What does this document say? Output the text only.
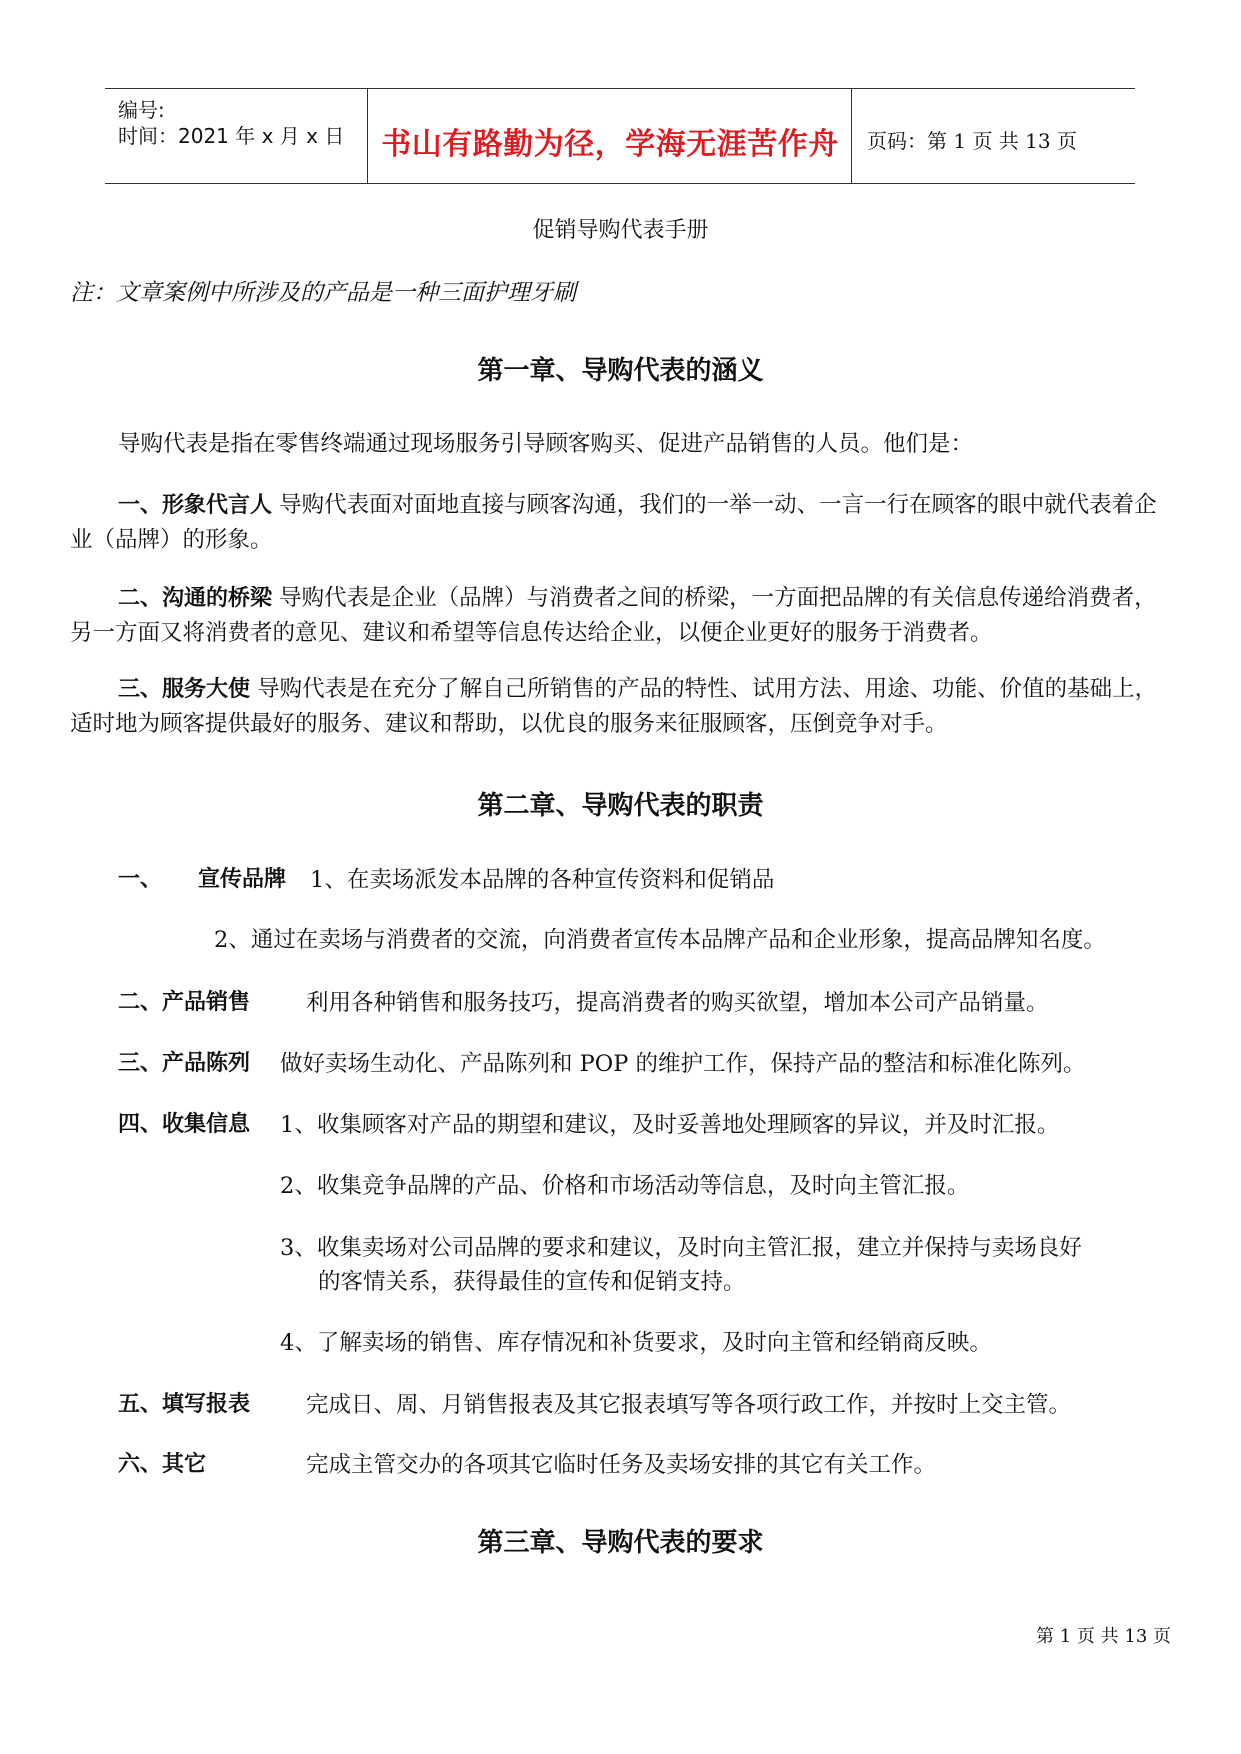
编号:
时间：2021 年 x 月 x 日	书山有路勤为径，学海无涯苦作舟	页码：第 1 页 共 13 页
促销导购代表手册
注：文章案例中所涉及的产品是一种三面护理牙刷
第一章、导购代表的涵义
导购代表是指在零售终端通过现场服务引导顾客购买、促进产品销售的人员。他们是：
一、形象代言人 导购代表面对面地直接与顾客沟通，我们的一举一动、一言一行在顾客的眼中就代表着企业（品牌）的形象。
二、沟通的桥梁 导购代表是企业（品牌）与消费者之间的桥梁，一方面把品牌的有关信息传递给消费者，另一方面又将消费者的意见、建议和希望等信息传达给企业，以便企业更好的服务于消费者。
三、服务大使 导购代表是在充分了解自己所销售的产品的特性、试用方法、用途、功能、价值的基础上，适时地为顾客提供最好的服务、建议和帮助，以优良的服务来征服顾客，压倒竞争对手。
第二章、导购代表的职责
一、 宣传品牌 1、在卖场派发本品牌的各种宣传资料和促销品
2、通过在卖场与消费者的交流，向消费者宣传本品牌产品和企业形象，提高品牌知名度。
二、产品销售 利用各种销售和服务技巧，提高消费者的购买欲望，增加本公司产品销量。
三、产品陈列 做好卖场生动化、产品陈列和 POP 的维护工作，保持产品的整洁和标准化陈列。
四、收集信息 1、收集顾客对产品的期望和建议，及时妥善地处理顾客的异议，并及时汇报。
2、收集竞争品牌的产品、价格和市场活动等信息，及时向主管汇报。
3、收集卖场对公司品牌的要求和建议，及时向主管汇报，建立并保持与卖场良好
的客情关系，获得最佳的宣传和促销支持。
4、了解卖场的销售、库存情况和补货要求，及时向主管和经销商反映。
五、填写报表 完成日、周、月销售报表及其它报表填写等各项行政工作，并按时上交主管。
六、其它	完成主管交办的各项其它临时任务及卖场安排的其它有关工作。
第三章、导购代表的要求
第 1 页 共 13 页
